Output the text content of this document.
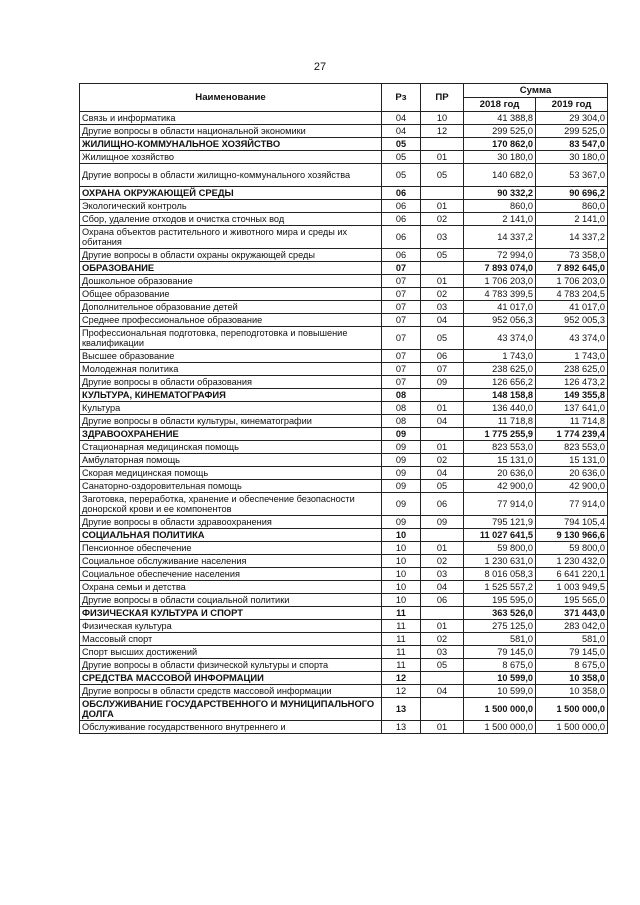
27
Наименование	Рз	ПР	Сумма	
			2018 год	2019 год
Связь и информатика	04	10	41 388,8	29 304,0
Другие вопросы в области национальной экономики	04	12	299 525,0	299 525,0
ЖИЛИЩНО-КОММУНАЛЬНОЕ ХОЗЯЙСТВО	05		170 862,0	83 547,0
Жилищное хозяйство	05	01	30 180,0	30 180,0
Другие вопросы в области жилищно-коммунального хозяйства	05	05	140 682,0	53 367,0
ОХРАНА ОКРУЖАЮЩЕЙ СРЕДЫ	06		90 332,2	90 696,2
Экологический контроль	06	01	860,0	860,0
Сбор, удаление отходов и очистка сточных вод	06	02	2 141,0	2 141,0
Охрана объектов растительного и животного мира и среды их обитания	06	03	14 337,2	14 337,2
Другие вопросы в области охраны окружающей среды	06	05	72 994,0	73 358,0
ОБРАЗОВАНИЕ	07		7 893 074,0	7 892 645,0
Дошкольное образование	07	01	1 706 203,0	1 706 203,0
Общее образование	07	02	4 783 399,5	4 783 204,5
Дополнительное образование детей	07	03	41 017,0	41 017,0
Среднее профессиональное образование	07	04	952 056,3	952 005,3
Профессиональная подготовка, переподготовка и повышение квалификации	07	05	43 374,0	43 374,0
Высшее образование	07	06	1 743,0	1 743,0
Молодежная политика	07	07	238 625,0	238 625,0
Другие вопросы в области образования	07	09	126 656,2	126 473,2
КУЛЬТУРА, КИНЕМАТОГРАФИЯ	08		148 158,8	149 355,8
Культура	08	01	136 440,0	137 641,0
Другие вопросы в области культуры, кинематографии	08	04	11 718,8	11 714,8
ЗДРАВООХРАНЕНИЕ	09		1 775 255,9	1 774 239,4
Стационарная медицинская помощь	09	01	823 553,0	823 553,0
Амбулаторная помощь	09	02	15 131,0	15 131,0
Скорая медицинская помощь	09	04	20 636,0	20 636,0
Санаторно-оздоровительная помощь	09	05	42 900,0	42 900,0
Заготовка, переработка, хранение и обеспечение безопасности донорской крови и ее компонентов	09	06	77 914,0	77 914,0
Другие вопросы в области здравоохранения	09	09	795 121,9	794 105,4
СОЦИАЛЬНАЯ ПОЛИТИКА	10		11 027 641,5	9 130 966,6
Пенсионное обеспечение	10	01	59 800,0	59 800,0
Социальное обслуживание населения	10	02	1 230 631,0	1 230 432,0
Социальное обеспечение населения	10	03	8 016 058,3	6 641 220,1
Охрана семьи и детства	10	04	1 525 557,2	1 003 949,5
Другие вопросы в области социальной политики	10	06	195 595,0	195 565,0
ФИЗИЧЕСКАЯ КУЛЬТУРА И СПОРТ	11		363 526,0	371 443,0
Физическая культура	11	01	275 125,0	283 042,0
Массовый спорт	11	02	581,0	581,0
Спорт высших достижений	11	03	79 145,0	79 145,0
Другие вопросы в области физической культуры и спорта	11	05	8 675,0	8 675,0
СРЕДСТВА МАССОВОЙ ИНФОРМАЦИИ	12		10 599,0	10 358,0
Другие вопросы в области средств массовой информации	12	04	10 599,0	10 358,0
ОБСЛУЖИВАНИЕ ГОСУДАРСТВЕННОГО И МУНИЦИПАЛЬНОГО ДОЛГА	13		1 500 000,0	1 500 000,0
Обслуживание государственного внутреннего и	13	01	1 500 000,0	1 500 000,0
